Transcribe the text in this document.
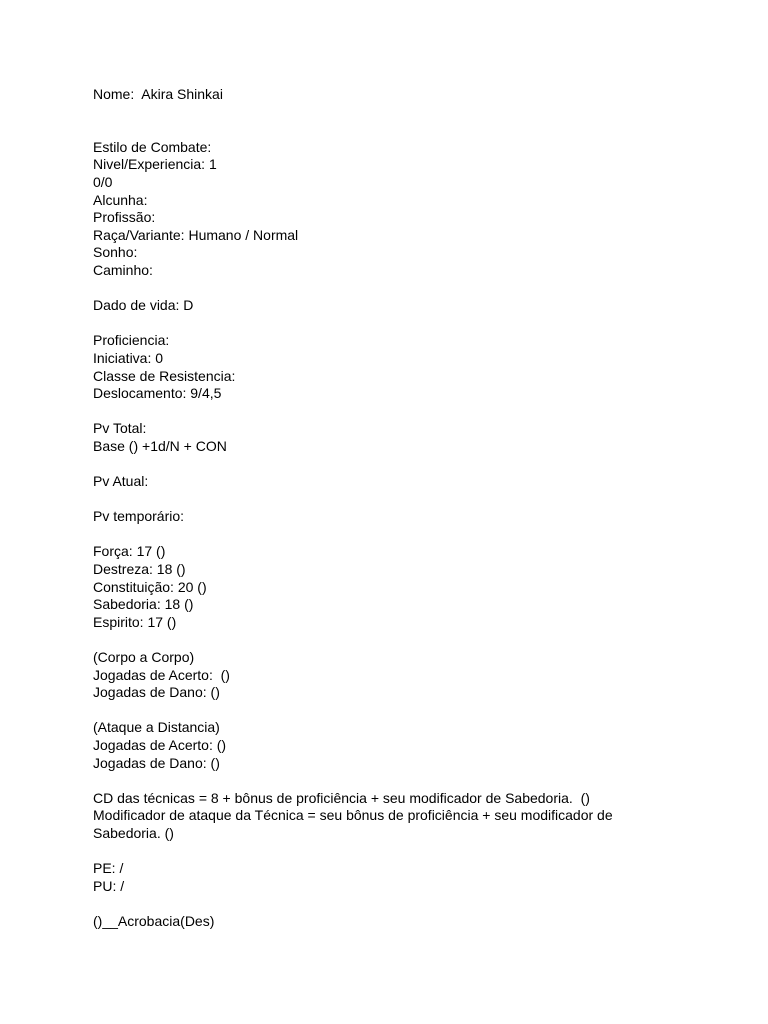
Nome:  Akira Shinkai
Estilo de Combate:
Nivel/Experiencia: 1
0/0
Alcunha:
Profissão:
Raça/Variante: Humano / Normal
Sonho:
Caminho:
Dado de vida: D
Proficiencia:
Iniciativa: 0
Classe de Resistencia:
Deslocamento: 9/4,5
Pv Total:
Base () +1d/N + CON
Pv Atual:
Pv temporário:
Força: 17 ()
Destreza: 18 ()
Constituição: 20 ()
Sabedoria: 18 ()
Espirito: 17 ()
(Corpo a Corpo)
Jogadas de Acerto:  ()
Jogadas de Dano: ()
(Ataque a Distancia)
Jogadas de Acerto: ()
Jogadas de Dano: ()
CD das técnicas = 8 + bônus de proficiência + seu modificador de Sabedoria.  ()
Modificador de ataque da Técnica = seu bônus de proficiência + seu modificador de Sabedoria. ()
PE: /
PU: /
()__Acrobacia(Des)
